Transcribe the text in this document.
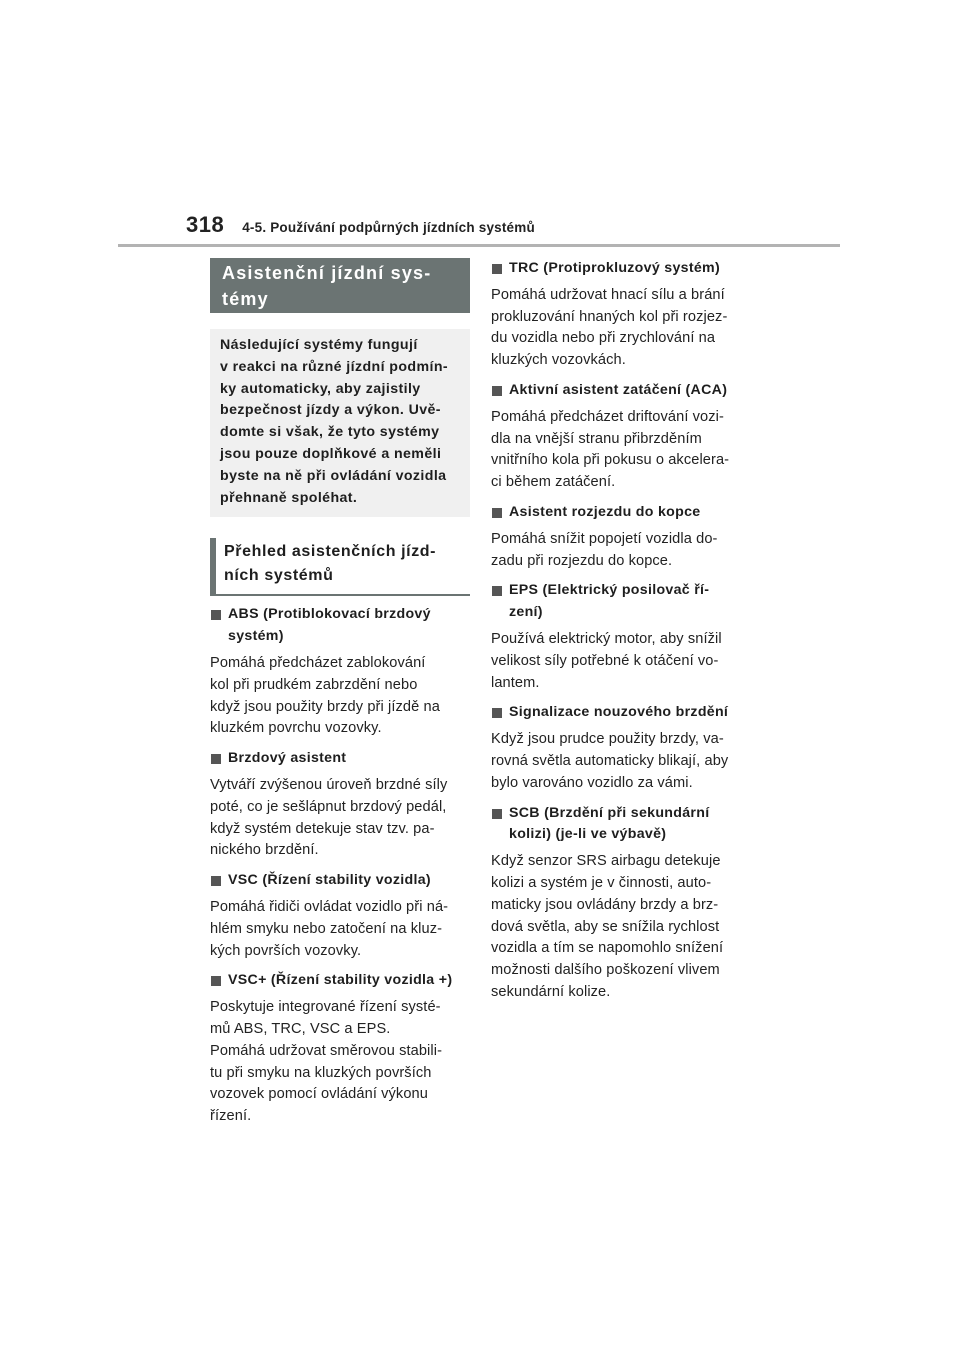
318 4-5. Používání podpůrných jízdních systémů
Asistenční jízdní sys-
témy
Následující systémy fungují
v reakci na různé jízdní podmín-
ky automaticky, aby zajistily
bezpečnost jízdy a výkon. Uvě-
domte si však, že tyto systémy
jsou pouze doplňkové a neměli
byste na ně při ovládání vozidla
přehnaně spoléhat.
Přehled asistenčních jízd-
ních systémů
ABS (Protiblokovací brzdový
systém)
Pomáhá předcházet zablokování
kol při prudkém zabrzdění nebo
když jsou použity brzdy při jízdě na
kluzkém povrchu vozovky.
Brzdový asistent
Vytváří zvýšenou úroveň brzdné síly
poté, co je sešlápnut brzdový pedál,
když systém detekuje stav tzv. pa-
nického brzdění.
VSC (Řízení stability vozidla)
Pomáhá řidiči ovládat vozidlo při ná-
hlém smyku nebo zatočení na kluz-
kých površích vozovky.
VSC+ (Řízení stability vozidla +)
Poskytuje integrované řízení systé-
mů ABS, TRC, VSC a EPS.
Pomáhá udržovat směrovou stabili-
tu při smyku na kluzkých površích
vozovek pomocí ovládání výkonu
řízení.
TRC (Protiprokluzový systém)
Pomáhá udržovat hnací sílu a brání
prokluzování hnaných kol při rozjez-
du vozidla nebo při zrychlování na
kluzkých vozovkách.
Aktivní asistent zatáčení (ACA)
Pomáhá předcházet driftování vozi-
dla na vnější stranu přibrzděním
vnitřního kola při pokusu o akcelera-
ci během zatáčení.
Asistent rozjezdu do kopce
Pomáhá snížit popojetí vozidla do-
zadu při rozjezdu do kopce.
EPS (Elektrický posilovač ří-
zení)
Používá elektrický motor, aby snížil
velikost síly potřebné k otáčení vo-
lantem.
Signalizace nouzového brzdění
Když jsou prudce použity brzdy, va-
rovná světla automaticky blikají, aby
bylo varováno vozidlo za vámi.
SCB (Brzdění při sekundární
kolizi) (je-li ve výbavě)
Když senzor SRS airbagu detekuje
kolizi a systém je v činnosti, auto-
maticky jsou ovládány brzdy a brz-
dová světla, aby se snížila rychlost
vozidla a tím se napomohlo snížení
možnosti dalšího poškození vlivem
sekundární kolize.
